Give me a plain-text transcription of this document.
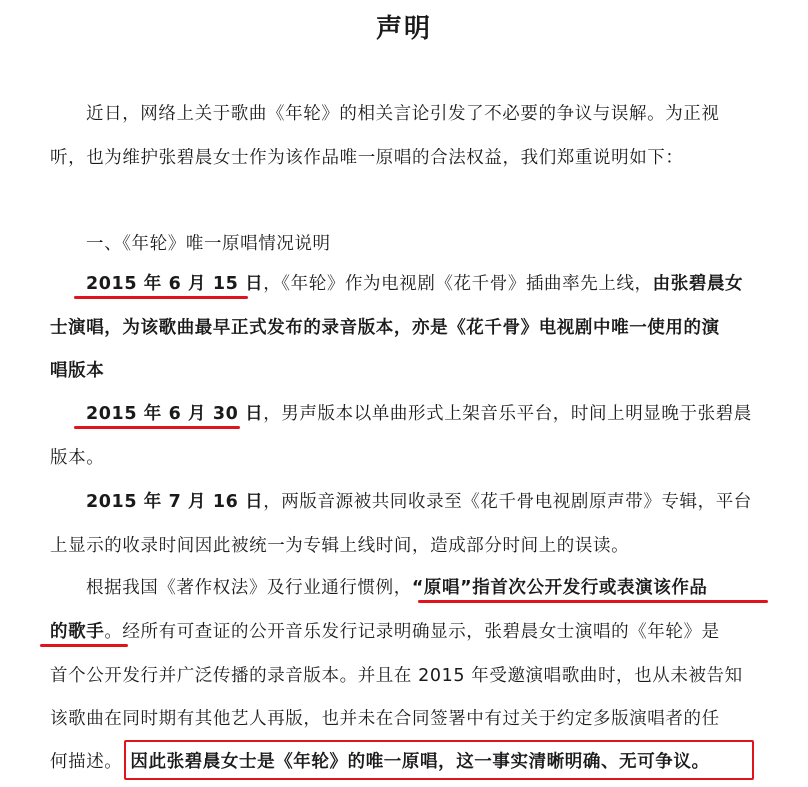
声明
近日，网络上关于歌曲《年轮》的相关言论引发了不必要的争议与误解。为正视
听，也为维护张碧晨女士作为该作品唯一原唱的合法权益，我们郑重说明如下：
一、《年轮》唯一原唱情况说明
2015 年 6 月 15 日，《年轮》作为电视剧《花千骨》插曲率先上线，由张碧晨女
士演唱，为该歌曲最早正式发布的录音版本，亦是《花千骨》电视剧中唯一使用的演
唱版本
2015 年 6 月 30 日，男声版本以单曲形式上架音乐平台，时间上明显晚于张碧晨
版本。
2015 年 7 月 16 日，两版音源被共同收录至《花千骨电视剧原声带》专辑，平台
上显示的收录时间因此被统一为专辑上线时间，造成部分时间上的误读。
根据我国《著作权法》及行业通行惯例，“原唱”指首次公开发行或表演该作品
的歌手。经所有可查证的公开音乐发行记录明确显示，张碧晨女士演唱的《年轮》是
首个公开发行并广泛传播的录音版本。并且在 2015 年受邀演唱歌曲时，也从未被告知
该歌曲在同时期有其他艺人再版，也并未在合同签署中有过关于约定多版演唱者的任
何描述。 因此张碧晨女士是《年轮》的唯一原唱，这一事实清晰明确、无可争议。
